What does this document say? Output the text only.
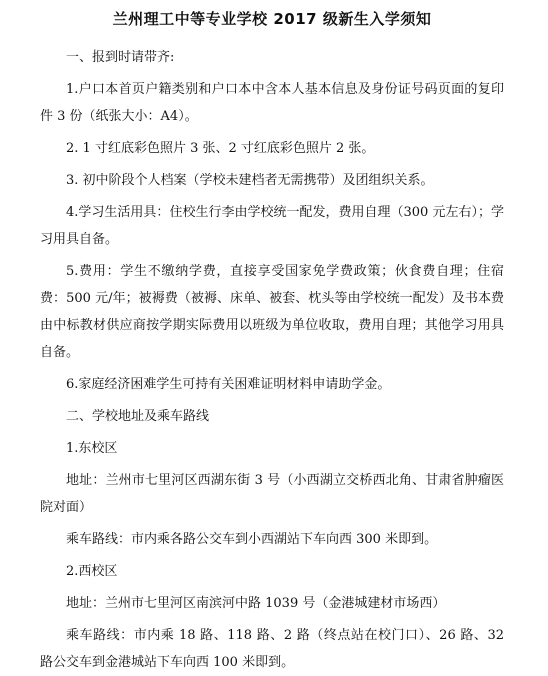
兰州理工中等专业学校 2017 级新生入学须知

一、报到时请带齐:

1.户口本首页户籍类别和户口本中含本人基本信息及身份证号码页面的复印件 3 份（纸张大小：A4）。

2. 1 寸红底彩色照片 3 张、2 寸红底彩色照片 2 张。

3. 初中阶段个人档案（学校未建档者无需携带）及团组织关系。

4.学习生活用具：住校生行李由学校统一配发，费用自理（300 元左右）；学习用具自备。

5.费用：学生不缴纳学费，直接享受国家免学费政策；伙食费自理；住宿费：500 元/年；被褥费（被褥、床单、被套、枕头等由学校统一配发）及书本费由中标教材供应商按学期实际费用以班级为单位收取，费用自理；其他学习用具自备。

6.家庭经济困难学生可持有关困难证明材料申请助学金。

二、学校地址及乘车路线

1.东校区

地址：兰州市七里河区西湖东街 3 号（小西湖立交桥西北角、甘肃省肿瘤医院对面）

乘车路线：市内乘各路公交车到小西湖站下车向西 300 米即到。

2.西校区

地址：兰州市七里河区南滨河中路 1039 号（金港城建材市场西）

乘车路线：市内乘 18 路、118 路、2 路（终点站在校门口）、26 路、32 路公交车到金港城站下车向西 100 米即到。
